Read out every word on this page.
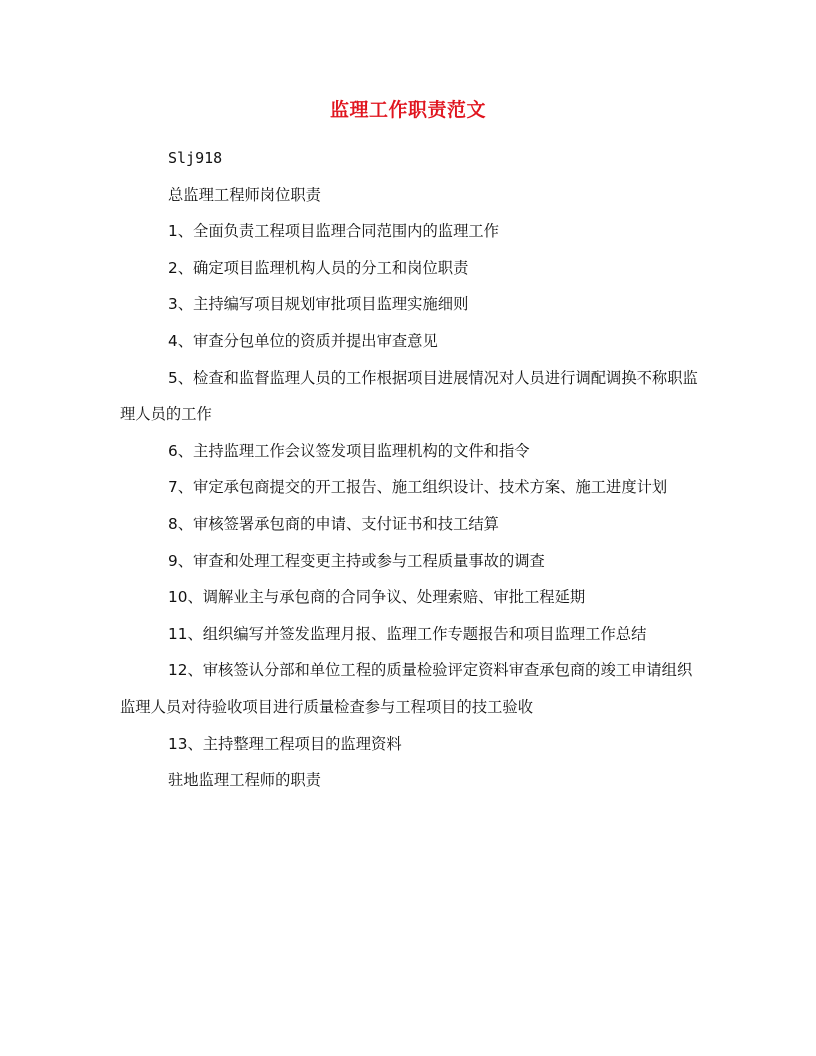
监理工作职责范文

Slj918

总监理工程师岗位职责

1、全面负责工程项目监理合同范围内的监理工作

2、确定项目监理机构人员的分工和岗位职责

3、主持编写项目规划审批项目监理实施细则

4、审查分包单位的资质并提出审查意见

5、检查和监督监理人员的工作根据项目进展情况对人员进行调配调换不称职监理人员的工作

6、主持监理工作会议签发项目监理机构的文件和指令

7、审定承包商提交的开工报告、施工组织设计、技术方案、施工进度计划

8、审核签署承包商的申请、支付证书和技工结算

9、审查和处理工程变更主持或参与工程质量事故的调查

10、调解业主与承包商的合同争议、处理索赔、审批工程延期

11、组织编写并签发监理月报、监理工作专题报告和项目监理工作总结

12、审核签认分部和单位工程的质量检验评定资料审查承包商的竣工申请组织监理人员对待验收项目进行质量检查参与工程项目的技工验收

13、主持整理工程项目的监理资料

驻地监理工程师的职责
